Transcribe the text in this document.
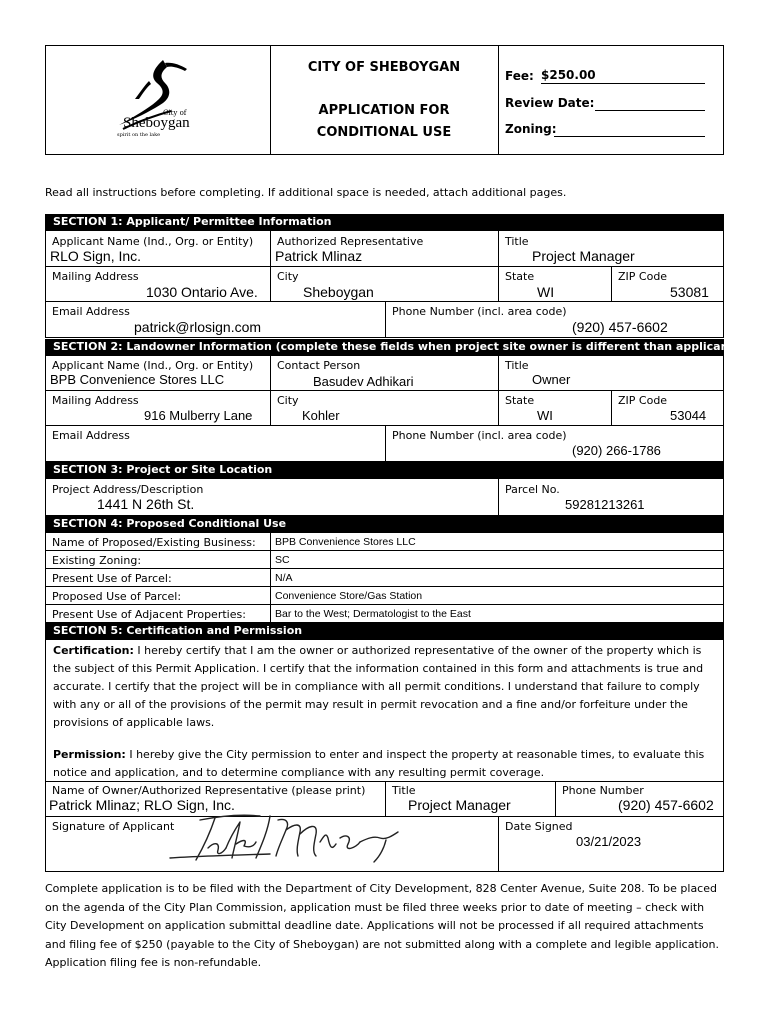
City of
Sheboygan
spirit on the lake
CITY OF SHEBOYGAN
APPLICATION FOR
CONDITIONAL USE
Fee: $250.00
Review Date:
Zoning:
Read all instructions before completing. If additional space is needed, attach additional pages.
SECTION 1: Applicant/ Permittee Information
Applicant Name (Ind., Org. or Entity)
RLO Sign, Inc.
Authorized Representative
Patrick Mlinaz
Title
Project Manager
Mailing Address
1030 Ontario Ave.
City
Sheboygan
State
WI
ZIP Code
53081
Email Address
patrick@rlosign.com
Phone Number (incl. area code)
(920) 457-6602
SECTION 2: Landowner Information (complete these fields when project site owner is different than applicant)
Applicant Name (Ind., Org. or Entity)
BPB Convenience Stores LLC
Contact Person
Basudev Adhikari
Title
Owner
Mailing Address
916 Mulberry Lane
City
Kohler
State
WI
ZIP Code
53044
Email Address	Phone Number (incl. area code)
(920) 266-1786
SECTION 3: Project or Site Location
Project Address/Description
1441 N 26th St.
Parcel No.
59281213261
SECTION 4: Proposed Conditional Use
Name of Proposed/Existing Business: BPB Convenience Stores LLC
Existing Zoning:	SC
Present Use of Parcel:	N/A
Proposed Use of Parcel:	Convenience Store/Gas Station
Present Use of Adjacent Properties:	Bar to the West; Dermatologist to the East
SECTION 5: Certification and Permission
Certification: I hereby certify that I am the owner or authorized representative of the owner of the property which is the subject of this Permit Application. I certify that the information contained in this form and attachments is true and accurate. I certify that the project will be in compliance with all permit conditions. I understand that failure to comply with any or all of the provisions of the permit may result in permit revocation and a fine and/or forfeiture under the provisions of applicable laws.
Permission: I hereby give the City permission to enter and inspect the property at reasonable times, to evaluate this notice and application, and to determine compliance with any resulting permit coverage.
Name of Owner/Authorized Representative (please print)
Patrick Mlinaz; RLO Sign, Inc.
Title
Project Manager
Phone Number
(920) 457-6602
Signature of Applicant	Date Signed
03/21/2023
Complete application is to be filed with the Department of City Development, 828 Center Avenue, Suite 208. To be placed on the agenda of the City Plan Commission, application must be filed three weeks prior to date of meeting – check with City Development on application submittal deadline date. Applications will not be processed if all required attachments and filing fee of $250 (payable to the City of Sheboygan) are not submitted along with a complete and legible application. Application filing fee is non-refundable.
